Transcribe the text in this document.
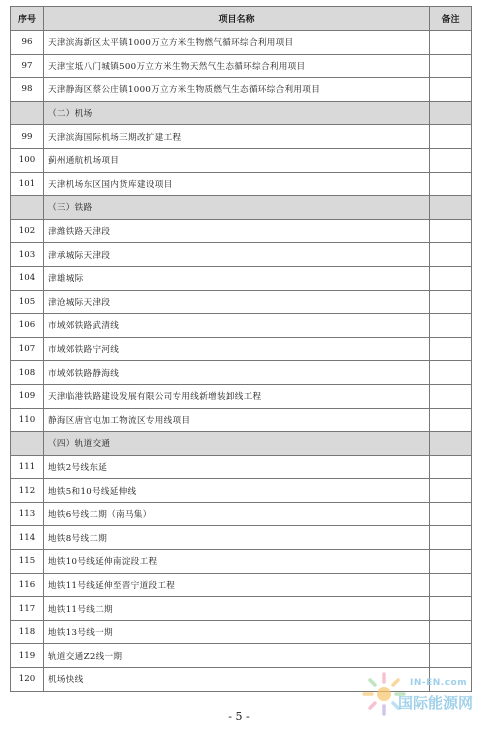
序号	项目名称	备注
96	天津滨海新区太平镇1000万立方米生物燃气循环综合利用项目	
97	天津宝坻八门城镇500万立方米生物天然气生态循环综合利用项目	
98	天津静海区蔡公庄镇1000万立方米生物质燃气生态循环综合利用项目	
	（二）机场	
99	天津滨海国际机场三期改扩建工程	
100	蓟州通航机场项目	
101	天津机场东区国内货库建设项目	
	（三）铁路	
102	津潍铁路天津段	
103	津承城际天津段	
104	津雄城际	
105	津沧城际天津段	
106	市域郊铁路武清线	
107	市域郊铁路宁河线	
108	市域郊铁路静海线	
109	天津临港铁路建设发展有限公司专用线新增装卸线工程	
110	静海区唐官屯加工物流区专用线项目	
	（四）轨道交通	
111	地铁2号线东延	
112	地铁5和10号线延伸线	
113	地铁6号线二期（南马集）	
114	地铁8号线二期	
115	地铁10号线延伸南淀段工程	
116	地铁11号线延伸至晋宁道段工程	
117	地铁11号线二期	
118	地铁13号线一期	
119	轨道交通Z2线一期	
120	机场快线	
- 5 -
IN-EN.com
国际能源网
